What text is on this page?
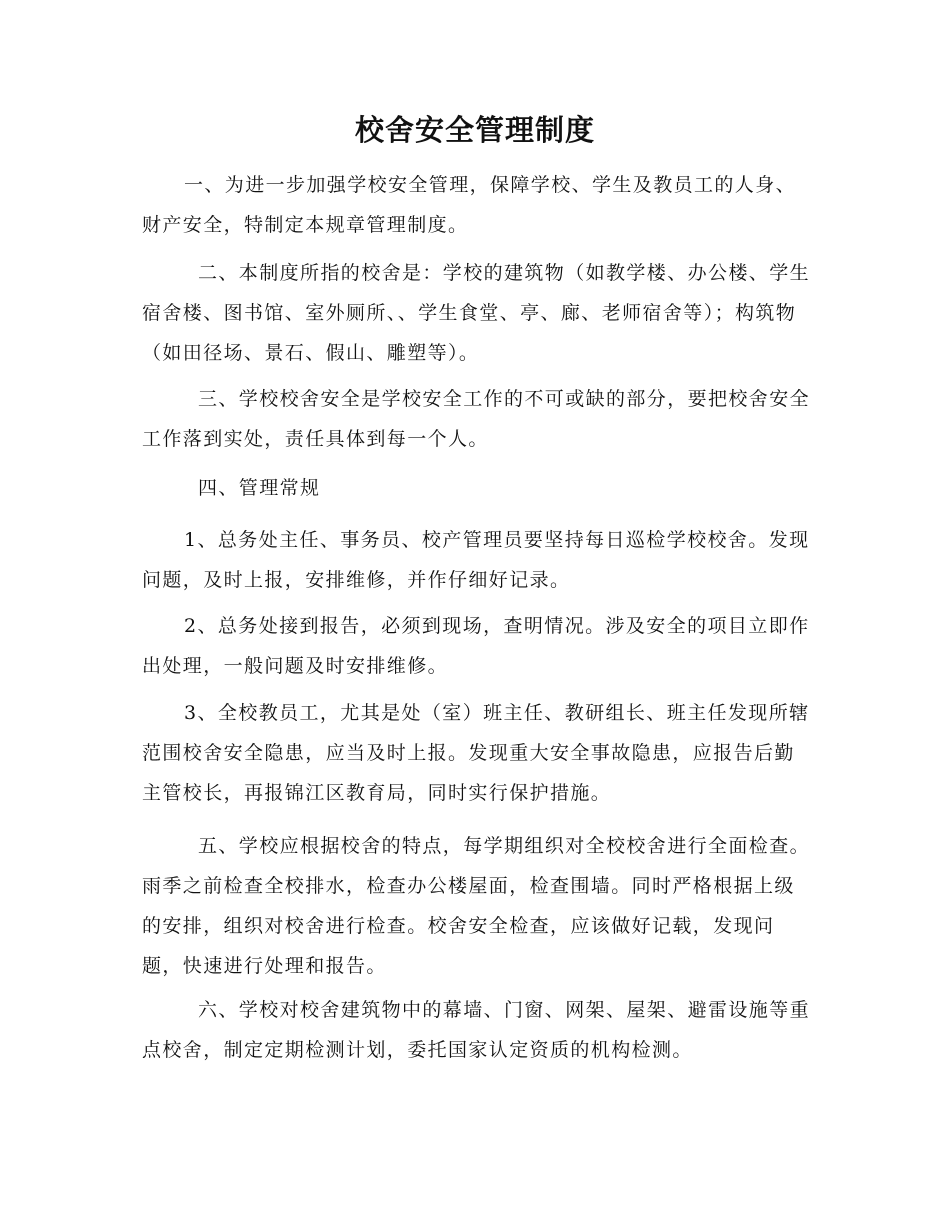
校舍安全管理制度

一、为进一步加强学校安全管理，保障学校、学生及教员工的人身、财产安全，特制定本规章管理制度。

二、本制度所指的校舍是：学校的建筑物（如教学楼、办公楼、学生宿舍楼、图书馆、室外厕所、、学生食堂、亭、廊、老师宿舍等）；构筑物（如田径场、景石、假山、雕塑等）。

三、学校校舍安全是学校安全工作的不可或缺的部分，要把校舍安全工作落到实处，责任具体到每一个人。

四、管理常规

1、总务处主任、事务员、校产管理员要坚持每日巡检学校校舍。发现问题，及时上报，安排维修，并作仔细好记录。

2、总务处接到报告，必须到现场，查明情况。涉及安全的项目立即作出处理，一般问题及时安排维修。

3、全校教员工，尤其是处（室）班主任、教研组长、班主任发现所辖范围校舍安全隐患，应当及时上报。发现重大安全事故隐患，应报告后勤主管校长，再报锦江区教育局，同时实行保护措施。

五、学校应根据校舍的特点，每学期组织对全校校舍进行全面检查。雨季之前检查全校排水，检查办公楼屋面，检查围墙。同时严格根据上级的安排，组织对校舍进行检查。校舍安全检查，应该做好记载，发现问题，快速进行处理和报告。

六、学校对校舍建筑物中的幕墙、门窗、网架、屋架、避雷设施等重点校舍，制定定期检测计划，委托国家认定资质的机构检测。
